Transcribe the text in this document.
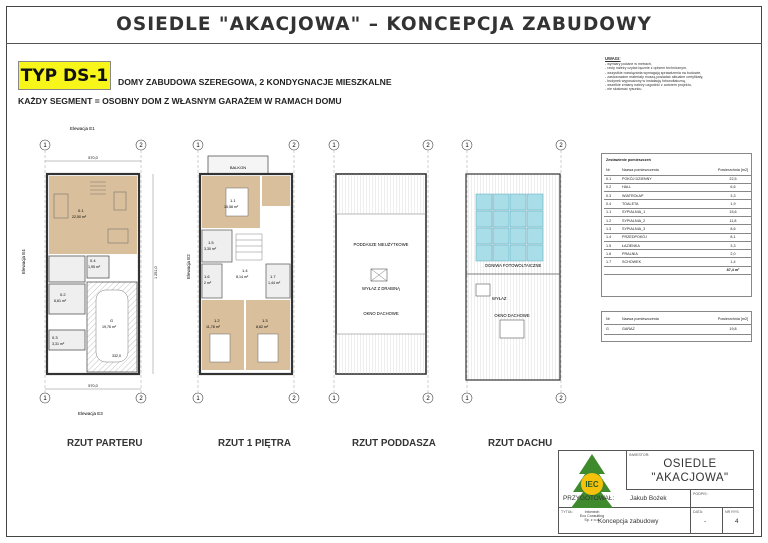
OSIEDLE "AKACJOWA" – KONCEPCJA ZABUDOWY
TYP DS-1	DOMY ZABUDOWA SZEREGOWA, 2 KONDYGNACJE MIESZKALNE
KAŻDY SEGMENT = OSOBNY DOM Z WŁASNYM GARAŻEM W RAMACH DOMU
UWAGI:
- wymiary podane w metrach,
- rzuty należy czytać łącznie z opisem technicznym,
- wszystkie rozwiązania wymagają sprawdzenia na budowie,
- zastosowane materiały muszą posiadać aktualne certyfikaty,
- budynek wyposażony w instalację fotowoltaiczną,
- wszelkie zmiany należy uzgodnić z autorem projektu,
- nie skalować rysunku.
1	2
1	2
Elewacja E1
Elewacja E3
Elewacja E4
570,0
570,0
1 251,0
0.1
22,50 m²
0.2
6,61 m²
0.3
3,31 m²
0.4
1,95 m²
G
19,76 m²
332,0
1	2
1	2
Elewacja E2
BALKON
1.1
15,58 m²
1.2
11,78 m²
1.3
8,62 m²
1.4
8,14 m²
1.5
3,30 m²
1.6
2 m²
1.7
1,44 m²
1	2
1	2
PODDASZE NIEUŻYTKOWE
WYŁAZ Z DRABINĄ
OKNO DACHOWE
1	2
1	2
OGNIWA FOTOWOLTAICZNE
WYŁAZ
OKNO DACHOWE
RZUT PARTERU	RZUT 1 PIĘTRA	RZUT PODDASZA	RZUT DACHU
Zestawienie pomieszczeń		
Nr	Nazwa pomieszczenia	Powierzchnia [m2]
0.1	POKÓJ DZIENNY	22,5
0.2	HALL	6,6
0.3	WIATROŁAP	3,3
0.4	TOALETA	1,9
1.1	SYPIALNIA_1	15,6
1.2	SYPIALNIA_2	11,8
1.3	SYPIALNIA_3	8,6
1.4	PRZEDPOKÓJ	8,1
1.5	ŁAZIENKA	3,3
1.6	PRALNIA	2,0
1.7	SCHOWEK	1,4
		87,4 m²
Nr	Nazwa pomieszczenia	Powierzchnia [m2]
G	GARAŻ	19,8
IEC
Infomech
Eco Consulting
Sp. z o.o.
INWESTOR:
OSIEDLE
"AKACJOWA"
PRZYGOTOWAŁ: Jakub Bożek
PODPIS:
TYTUŁ:
Koncepcja zabudowy
DATA:
-
NR RYS:
4
